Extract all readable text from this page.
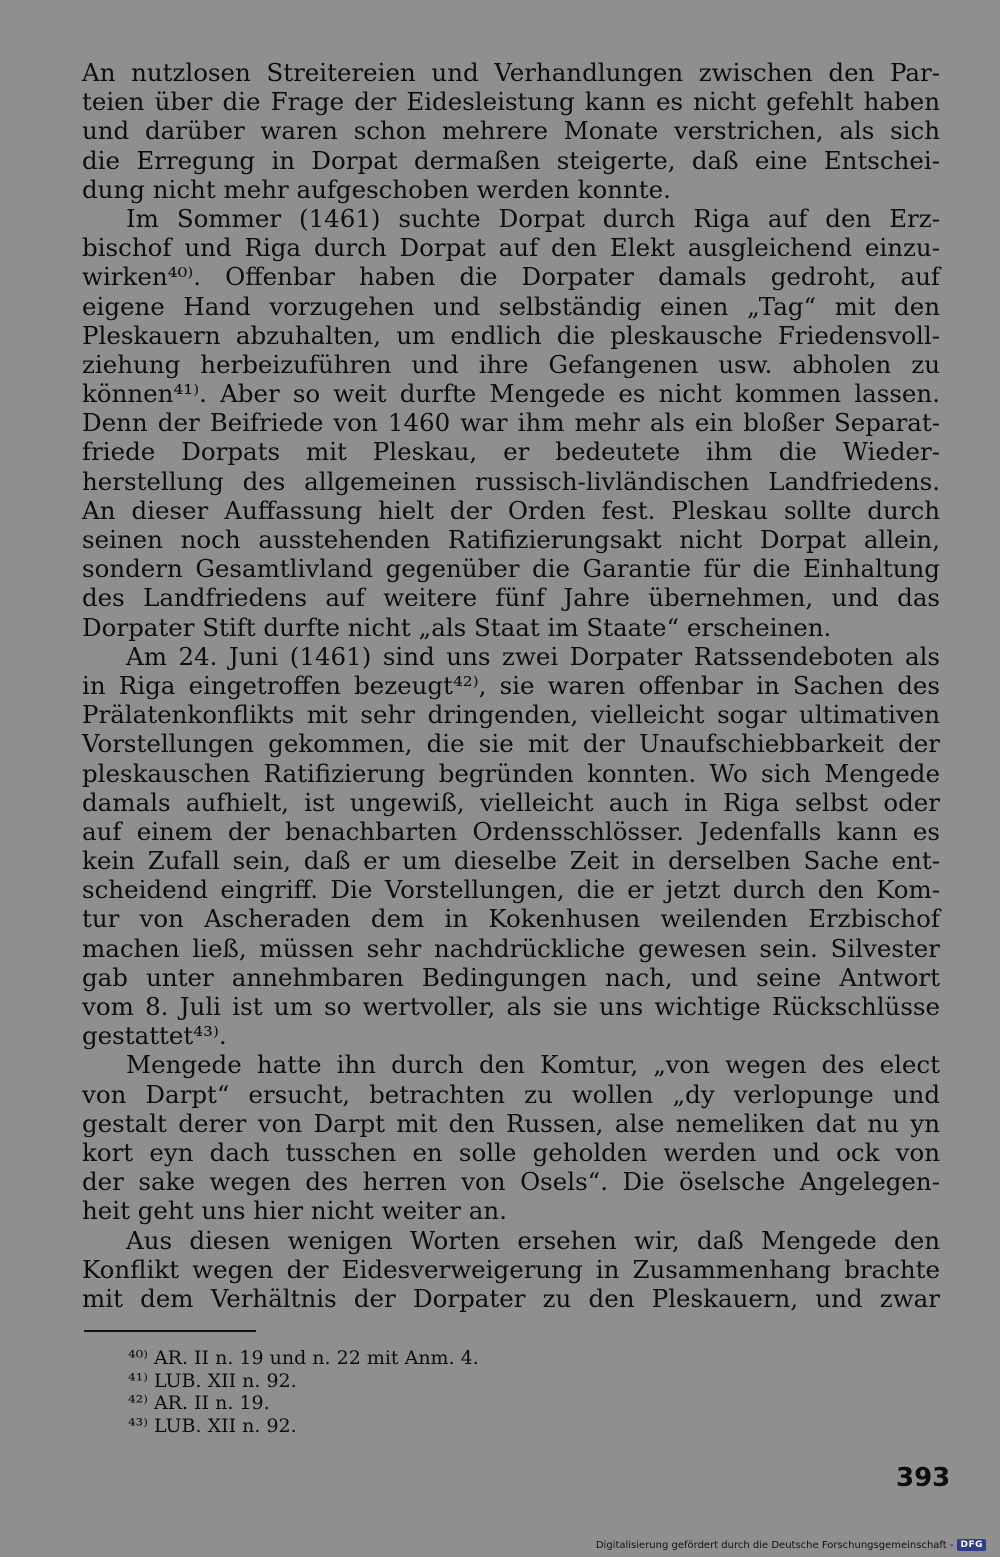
An nutzlosen Streitereien und Verhandlungen zwischen den Par-
teien über die Frage der Eidesleistung kann es nicht gefehlt haben
und darüber waren schon mehrere Monate verstrichen, als sich
die Erregung in Dorpat dermaßen steigerte, daß eine Entschei-
dung nicht mehr aufgeschoben werden konnte.
Im Sommer (1461) suchte Dorpat durch Riga auf den Erz-
bischof und Riga durch Dorpat auf den Elekt ausgleichend einzu-
wirken⁴⁰⁾. Offenbar haben die Dorpater damals gedroht, auf
eigene Hand vorzugehen und selbständig einen „Tag“ mit den
Pleskauern abzuhalten, um endlich die pleskausche Friedensvoll-
ziehung herbeizuführen und ihre Gefangenen usw. abholen zu
können⁴¹⁾. Aber so weit durfte Mengede es nicht kommen lassen.
Denn der Beifriede von 1460 war ihm mehr als ein bloßer Separat-
friede Dorpats mit Pleskau, er bedeutete ihm die Wieder-
herstellung des allgemeinen russisch-livländischen Landfriedens.
An dieser Auffassung hielt der Orden fest. Pleskau sollte durch
seinen noch ausstehenden Ratifizierungsakt nicht Dorpat allein,
sondern Gesamtlivland gegenüber die Garantie für die Einhaltung
des Landfriedens auf weitere fünf Jahre übernehmen, und das
Dorpater Stift durfte nicht „als Staat im Staate“ erscheinen.
Am 24. Juni (1461) sind uns zwei Dorpater Ratssendeboten als
in Riga eingetroffen bezeugt⁴²⁾, sie waren offenbar in Sachen des
Prälatenkonflikts mit sehr dringenden, vielleicht sogar ultimativen
Vorstellungen gekommen, die sie mit der Unaufschiebbarkeit der
pleskauschen Ratifizierung begründen konnten. Wo sich Mengede
damals aufhielt, ist ungewiß, vielleicht auch in Riga selbst oder
auf einem der benachbarten Ordensschlösser. Jedenfalls kann es
kein Zufall sein, daß er um dieselbe Zeit in derselben Sache ent-
scheidend eingriff. Die Vorstellungen, die er jetzt durch den Kom-
tur von Ascheraden dem in Kokenhusen weilenden Erzbischof
machen ließ, müssen sehr nachdrückliche gewesen sein. Silvester
gab unter annehmbaren Bedingungen nach, und seine Antwort
vom 8. Juli ist um so wertvoller, als sie uns wichtige Rückschlüsse
gestattet⁴³⁾.
Mengede hatte ihn durch den Komtur, „von wegen des elect
von Darpt“ ersucht, betrachten zu wollen „dy verlopunge und
gestalt derer von Darpt mit den Russen, alse nemeliken dat nu yn
kort eyn dach tusschen en solle geholden werden und ock von
der sake wegen des herren von Osels“. Die öselsche Angelegen-
heit geht uns hier nicht weiter an.
Aus diesen wenigen Worten ersehen wir, daß Mengede den
Konflikt wegen der Eidesverweigerung in Zusammenhang brachte
mit dem Verhältnis der Dorpater zu den Pleskauern, und zwar
⁴⁰⁾ AR. II n. 19 und n. 22 mit Anm. 4.
⁴¹⁾ LUB. XII n. 92.
⁴²⁾ AR. II n. 19.
⁴³⁾ LUB. XII n. 92.
393
Digitalisierung gefördert durch die Deutsche Forschungsgemeinschaft - DFG
